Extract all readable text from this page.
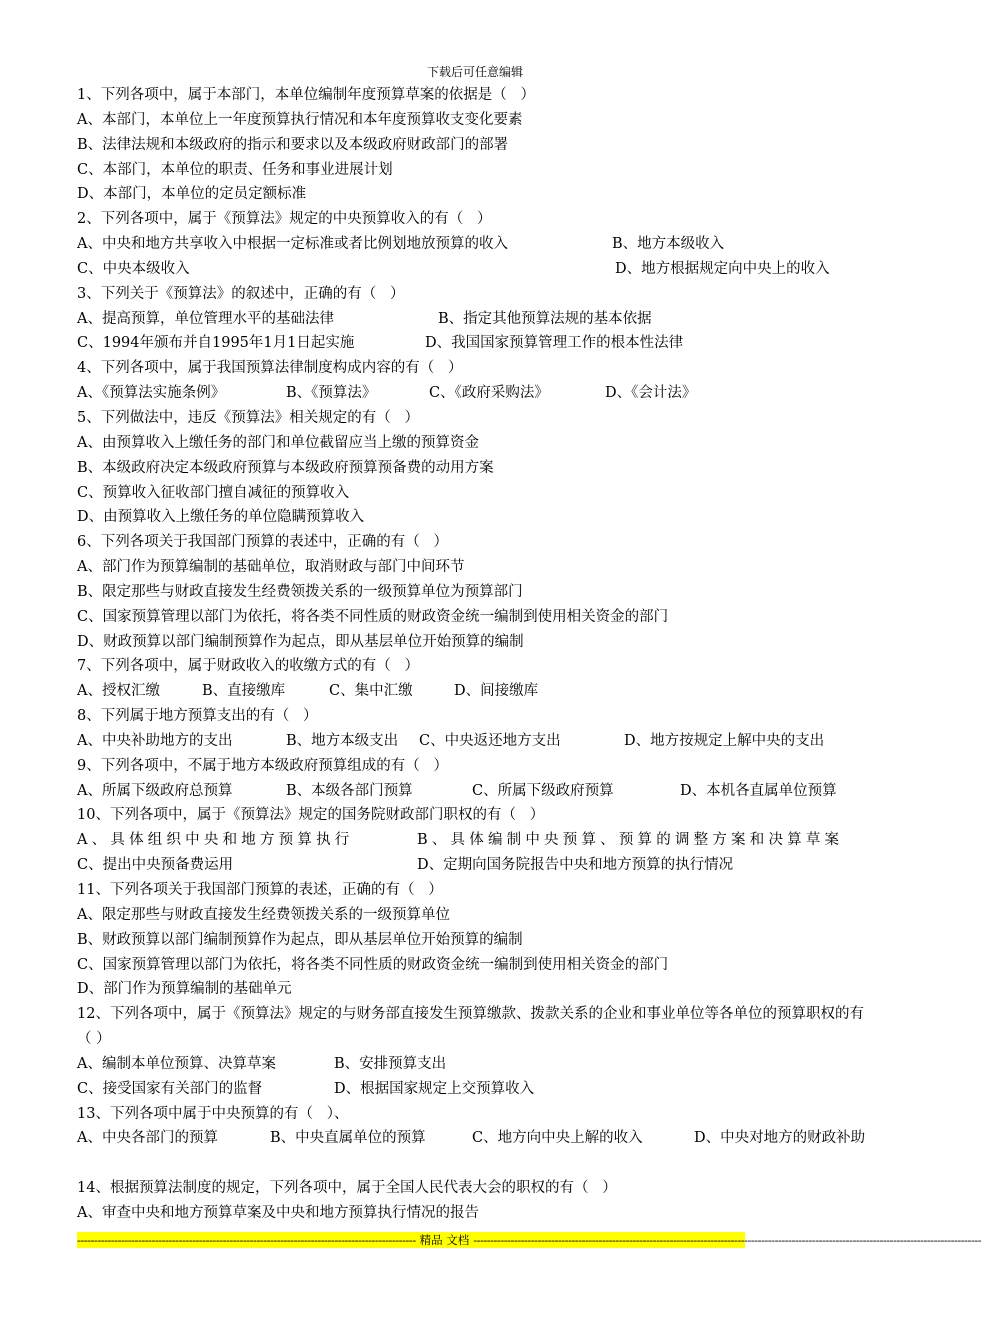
下载后可任意编辑
1、下列各项中，属于本部门，本单位编制年度预算草案的依据是（   ）
A、本部门，本单位上一年度预算执行情况和本年度预算收支变化要素
B、法律法规和本级政府的指示和要求以及本级政府财政部门的部署
C、本部门，本单位的职责、任务和事业进展计划
D、本部门，本单位的定员定额标准
2、下列各项中，属于《预算法》规定的中央预算收入的有（   ）

A、中央和地方共享收入中根据一定标准或者比例划地放预算的收入

	B、地方本级收入

C、中央本级收入

	D、地方根据规定向中央上的收入

3、下列关于《预算法》的叙述中，正确的有（   ）

A、提高预算，单位管理水平的基础法律

	B、指定其他预算法规的基本依据

C、1994年颁布并自1995年1月1日起实施

	D、我国国家预算管理工作的根本性法律

4、下列各项中，属于我国预算法律制度构成内容的有（   ）

A、《预算法实施条例》

	B、《预算法》

	C、《政府采购法》

	D、《会计法》

5、下列做法中，违反《预算法》相关规定的有（   ）
A、由预算收入上缴任务的部门和单位截留应当上缴的预算资金
B、本级政府决定本级政府预算与本级政府预算预备费的动用方案
C、预算收入征收部门擅自减征的预算收入
D、由预算收入上缴任务的单位隐瞒预算收入
6、下列各项关于我国部门预算的表述中，正确的有（   ）
A、部门作为预算编制的基础单位，取消财政与部门中间环节
B、限定那些与财政直接发生经费领拨关系的一级预算单位为预算部门
C、国家预算管理以部门为依托，将各类不同性质的财政资金统一编制到使用相关资金的部门
D、财政预算以部门编制预算作为起点，即从基层单位开始预算的编制
7、下列各项中，属于财政收入的收缴方式的有（   ）

A、授权汇缴

	B、直接缴库

	C、集中汇缴

	D、间接缴库

8、下列属于地方预算支出的有（   ）

A、中央补助地方的支出

	B、地方本级支出

C、中央返还地方支出

	D、地方按规定上解中央的支出

9、下列各项中，不属于地方本级政府预算组成的有（   ）

A、所属下级政府总预算

	B、本级各部门预算

	C、所属下级政府预算

	D、本机各直属单位预算

10、下列各项中，属于《预算法》规定的国务院财政部门职权的有（   ）

A、具体组织中央和地方预算执行

	B、具体编制中央预算、预算的调整方案和决算草案

C、提出中央预备费运用

	D、定期向国务院报告中央和地方预算的执行情况

11、下列各项关于我国部门预算的表述，正确的有（   ）
A、限定那些与财政直接发生经费领拨关系的一级预算单位
B、财政预算以部门编制预算作为起点，即从基层单位开始预算的编制
C、国家预算管理以部门为依托，将各类不同性质的财政资金统一编制到使用相关资金的部门
D、部门作为预算编制的基础单元
12、下列各项中，属于《预算法》规定的与财务部直接发生预算缴款、拨款关系的企业和事业单位等各单位的预算职权的有（ ）

A、编制本单位预算、决算草案

	B、安排预算支出

C、接受国家有关部门的监督

	D、根据国家规定上交预算收入

13、下列各项中属于中央预算的有（   ）、

A、中央各部门的预算

	B、中央直属单位的预算

	C、地方向中央上解的收入

	D、中央对地方的财政补助

14、根据预算法制度的规定，下列各项中，属于全国人民代表大会的职权的有（   ）
A、审查中央和地方预算草案及中央和地方预算执行情况的报告
---------------------------------------------------------------------------------------------------- 精品 文档 ------------------------------------------------------------------------------------------------------------------------------------------------------
